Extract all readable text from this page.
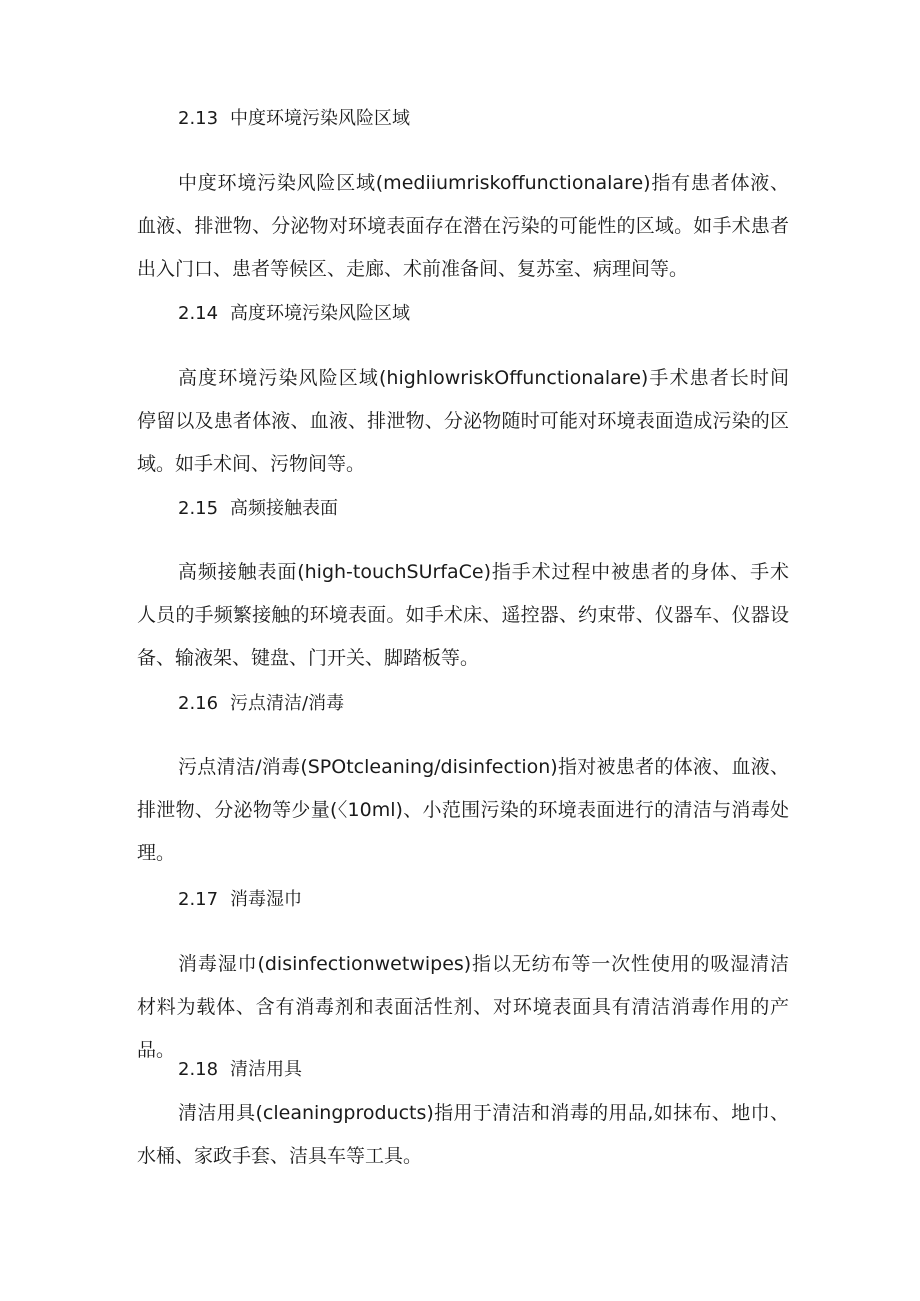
2.13 中度环境污染风险区域
中度环境污染风险区域(mediiumriskoffunctionalare)指有患者体液、血液、排泄物、分泌物对环境表面存在潜在污染的可能性的区域。如手术患者出入门口、患者等候区、走廊、术前准备间、复苏室、病理间等。
2.14 高度环境污染风险区域
高度环境污染风险区域(highlowriskOffunctionalare)手术患者长时间停留以及患者体液、血液、排泄物、分泌物随时可能对环境表面造成污染的区域。如手术间、污物间等。
2.15 高频接触表面
高频接触表面(high-touchSUrfaCe)指手术过程中被患者的身体、手术人员的手频繁接触的环境表面。如手术床、遥控器、约束带、仪器车、仪器设备、输液架、键盘、门开关、脚踏板等。
2.16 污点清洁/消毒
污点清洁/消毒(SPOtcleaning/disinfection)指对被患者的体液、血液、排泄物、分泌物等少量(〈10ml)、小范围污染的环境表面进行的清洁与消毒处理。
2.17 消毒湿巾
消毒湿巾(disinfectionwetwipes)指以无纺布等一次性使用的吸湿清洁材料为载体、含有消毒剂和表面活性剂、对环境表面具有清洁消毒作用的产品。
2.18 清洁用具
清洁用具(cleaningproducts)指用于清洁和消毒的用品,如抹布、地巾、水桶、家政手套、洁具车等工具。
